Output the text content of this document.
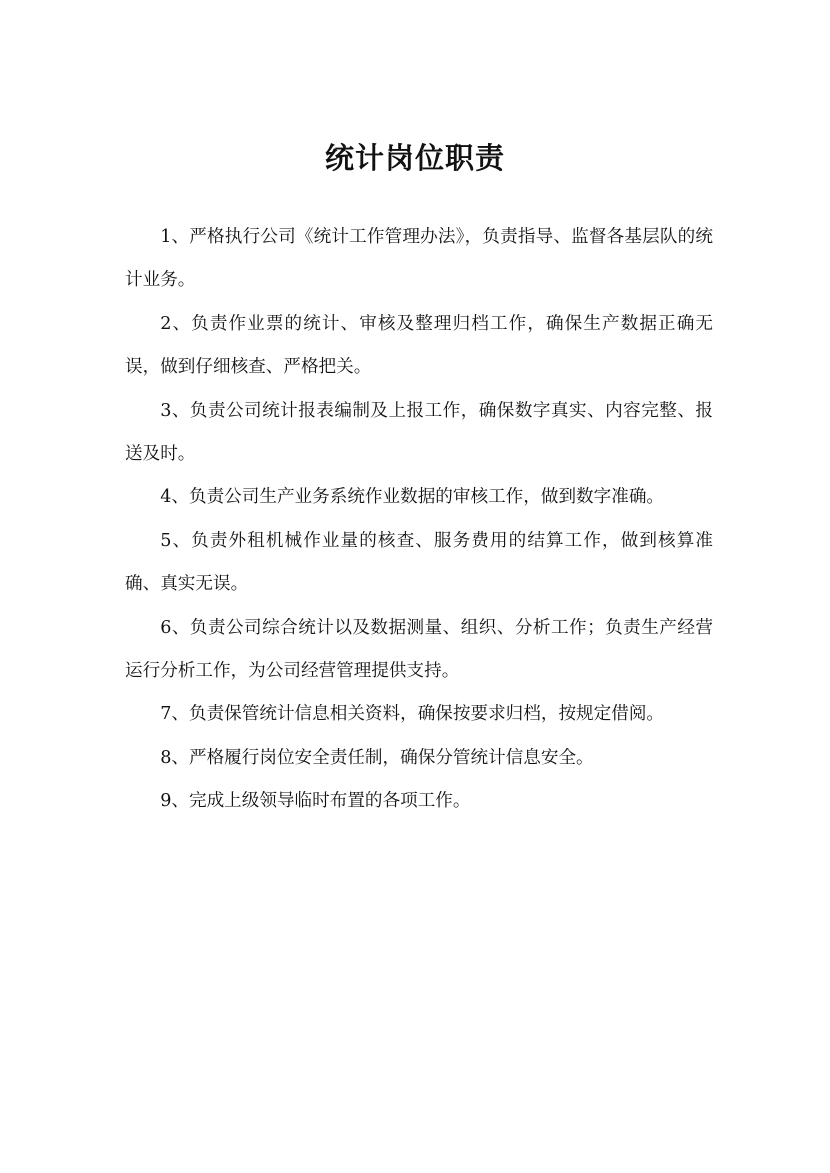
统计岗位职责

1、严格执行公司《统计工作管理办法》，负责指导、监督各基层队的统计业务。

2、负责作业票的统计、审核及整理归档工作，确保生产数据正确无误，做到仔细核查、严格把关。

3、负责公司统计报表编制及上报工作，确保数字真实、内容完整、报送及时。

4、负责公司生产业务系统作业数据的审核工作，做到数字准确。

5、负责外租机械作业量的核查、服务费用的结算工作，做到核算准确、真实无误。

6、负责公司综合统计以及数据测量、组织、分析工作；负责生产经营运行分析工作，为公司经营管理提供支持。

7、负责保管统计信息相关资料，确保按要求归档，按规定借阅。

8、严格履行岗位安全责任制，确保分管统计信息安全。

9、完成上级领导临时布置的各项工作。
